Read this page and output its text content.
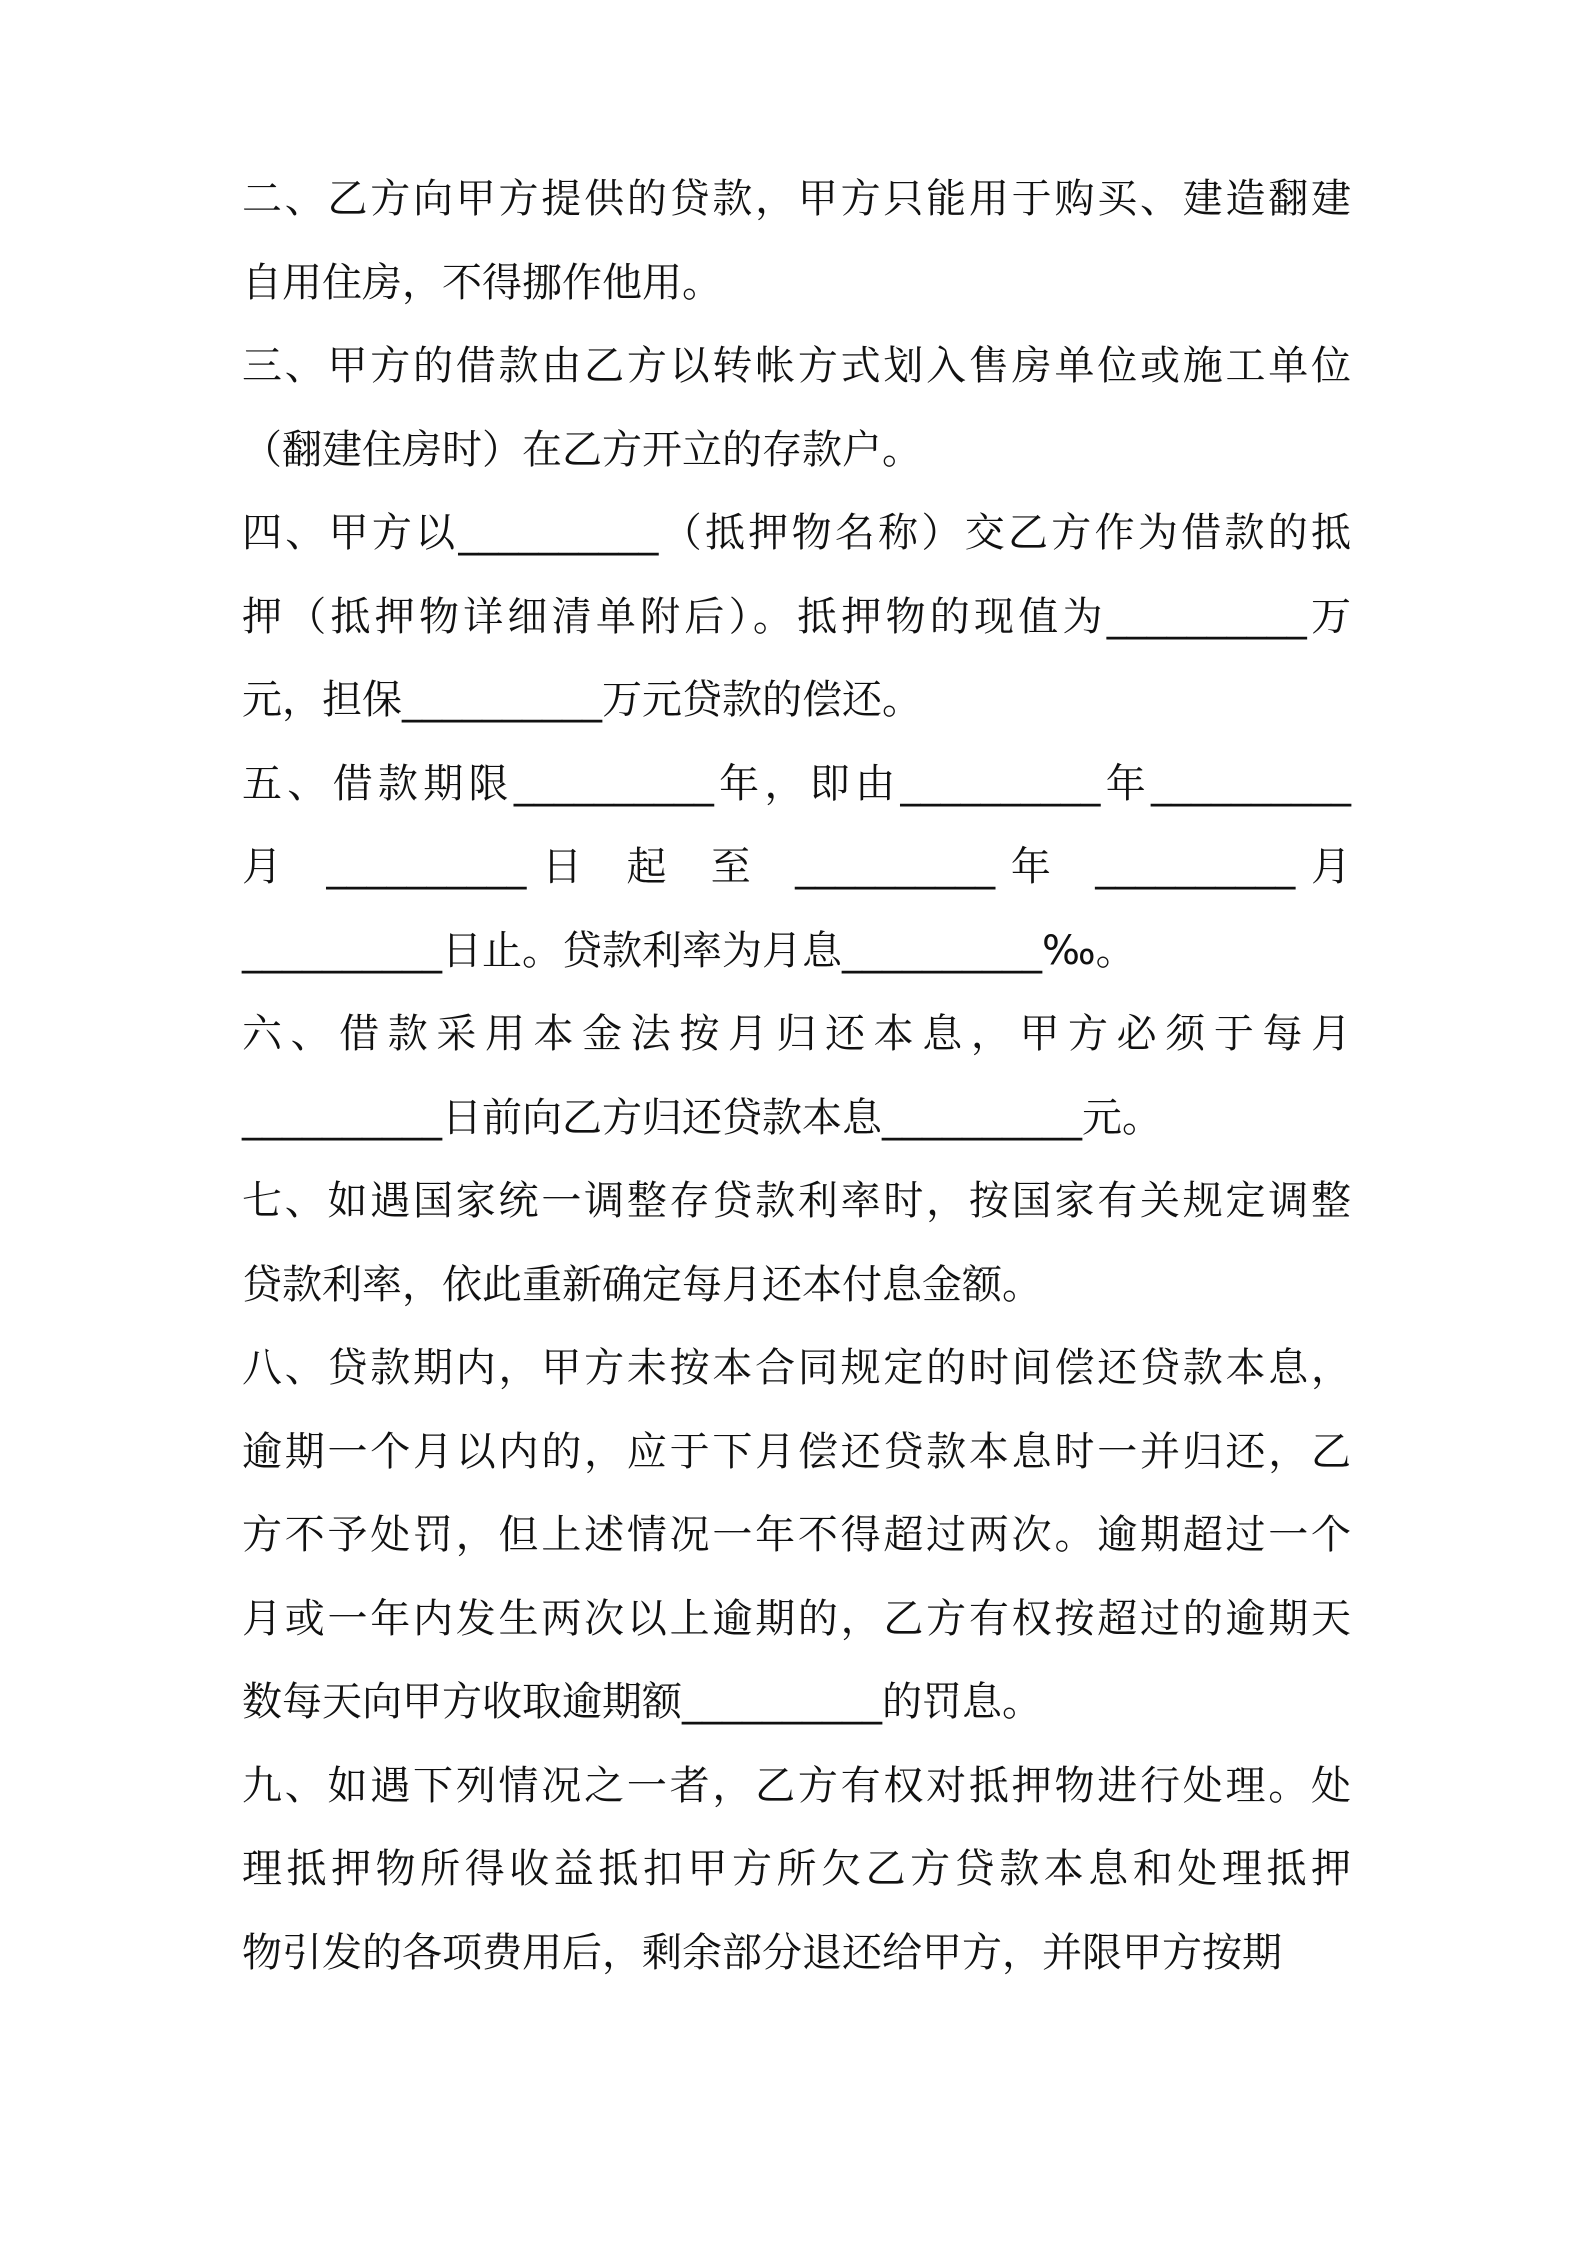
二、乙方向甲方提供的贷款，甲方只能用于购买、建造翻建
自用住房，不得挪作他用。
三、甲方的借款由乙方以转帐方式划入售房单位或施工单位
（翻建住房时）在乙方开立的存款户。
四、甲方以__________（抵押物名称）交乙方作为借款的抵
押（抵押物详细清单附后）。抵押物的现值为__________万
元，担保__________万元贷款的偿还。
五、借款期限__________年，即由__________年__________
月 __________日 起 至 __________年 __________月
__________日止。贷款利率为月息__________‰。
六、借款采用本金法按月归还本息，甲方必须于每月
__________日前向乙方归还贷款本息__________元。
七、如遇国家统一调整存贷款利率时，按国家有关规定调整
贷款利率，依此重新确定每月还本付息金额。
八、贷款期内，甲方未按本合同规定的时间偿还贷款本息，
逾期一个月以内的，应于下月偿还贷款本息时一并归还，乙
方不予处罚，但上述情况一年不得超过两次。逾期超过一个
月或一年内发生两次以上逾期的，乙方有权按超过的逾期天
数每天向甲方收取逾期额__________的罚息。
九、如遇下列情况之一者，乙方有权对抵押物进行处理。处
理抵押物所得收益抵扣甲方所欠乙方贷款本息和处理抵押
物引发的各项费用后，剩余部分退还给甲方，并限甲方按期
